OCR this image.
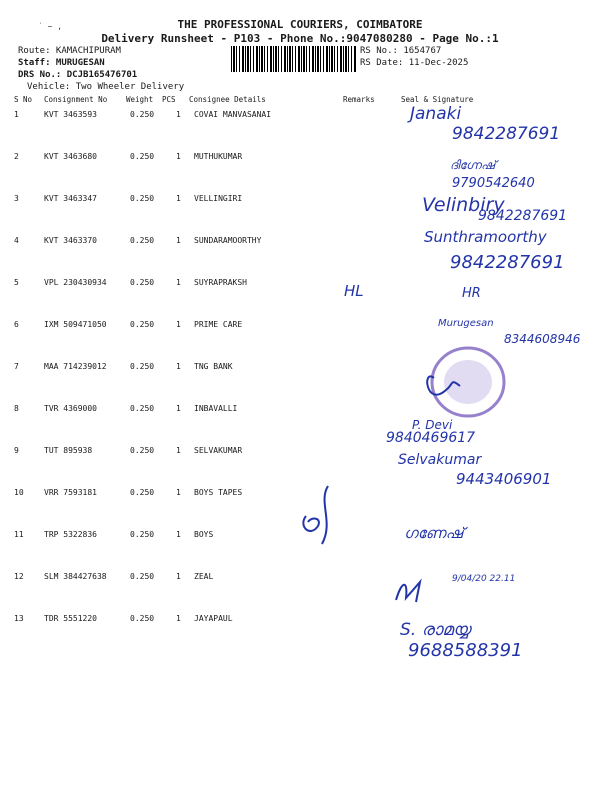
˙ ~ ,	THE PROFESSIONAL COURIERS, COIMBATORE
Delivery Runsheet - P103 - Phone No.:9047080280 - Page No.:1
Route: KAMACHIPURAM
Staff: MURUGESAN
DRS No.: DCJB165476701
Vehicle: Two Wheeler Delivery
RS No.: 1654767
RS Date: 11-Dec-2025
S No Consignment No	Weight PCS Consignee Details	Remarks	Seal & Signature
1	KVT 3463593	0.250	1 COVAI MANVASANAI
2	KVT 3463680	0.250	1 MUTHUKUMAR
3	KVT 3463347	0.250	1 VELLINGIRI
4	KVT 3463370	0.250	1 SUNDARAMOORTHY
5	VPL 230430934	0.250	1 SUYRAPRAKSH
6	IXM 509471050	0.250	1 PRIME CARE
7	MAA 714239012	0.250	1 TNG BANK
8	TVR 4369000	0.250	1 INBAVALLI
9	TUT 895938	0.250	1 SELVAKUMAR
10	VRR 7593181	0.250	1 BOYS TAPES
11	TRP 5322836	0.250	1 BOYS
12	SLM 384427638	0.250	1 ZEAL
13	TDR 5551220	0.250	1 JAYAPAUL
Janaki
9842287691
ദിഗ്നേഷ്
9790542640
Velinbiry
9842287691
Sunthramoorthy
9842287691
HL	HR
Murugesan
8344608946
P. Devi
9840469617
Selvakumar
9443406901
ഗണേഷ്
9/04/20 22.11
S. രാമയ്യ
9688588391
